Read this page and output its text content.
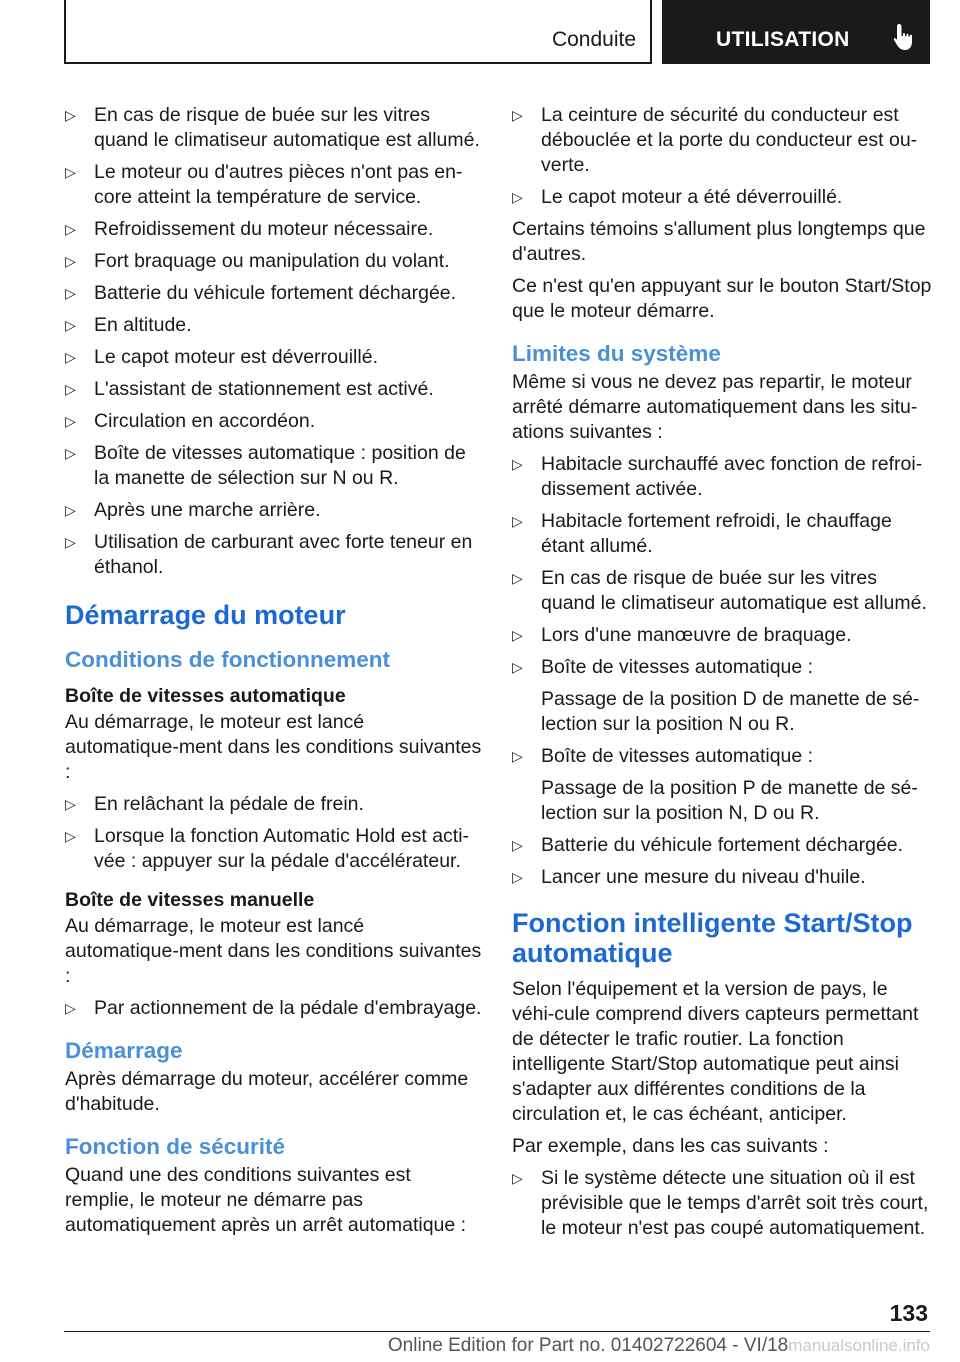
Conduite	UTILISATION
▷ En cas de risque de buée sur les vitres quand le climatiseur automatique est allumé.
▷ Le moteur ou d'autres pièces n'ont pas en-core atteint la température de service.
▷ Refroidissement du moteur nécessaire.
▷ Fort braquage ou manipulation du volant.
▷ Batterie du véhicule fortement déchargée.
▷ En altitude.
▷ Le capot moteur est déverrouillé.
▷ L'assistant de stationnement est activé.
▷ Circulation en accordéon.
▷ Boîte de vitesses automatique : position de la manette de sélection sur N ou R.
▷ Après une marche arrière.
▷ Utilisation de carburant avec forte teneur en éthanol.
Démarrage du moteur
Conditions de fonctionnement
Boîte de vitesses automatique
Au démarrage, le moteur est lancé automatique-ment dans les conditions suivantes :
▷ En relâchant la pédale de frein.
▷ Lorsque la fonction Automatic Hold est acti-vée : appuyer sur la pédale d'accélérateur.
Boîte de vitesses manuelle
Au démarrage, le moteur est lancé automatique-ment dans les conditions suivantes :
▷ Par actionnement de la pédale d'embrayage.
Démarrage
Après démarrage du moteur, accélérer comme d'habitude.
Fonction de sécurité
Quand une des conditions suivantes est remplie, le moteur ne démarre pas automatiquement après un arrêt automatique :
▷ La ceinture de sécurité du conducteur est débouclée et la porte du conducteur est ou-verte.
▷ Le capot moteur a été déverrouillé.
Certains témoins s'allument plus longtemps que d'autres.
Ce n'est qu'en appuyant sur le bouton Start/Stop que le moteur démarre.
Limites du système
Même si vous ne devez pas repartir, le moteur arrêté démarre automatiquement dans les situ-ations suivantes :
▷ Habitacle surchauffé avec fonction de refroi-dissement activée.
▷ Habitacle fortement refroidi, le chauffage étant allumé.
▷ En cas de risque de buée sur les vitres quand le climatiseur automatique est allumé.
▷ Lors d'une manœuvre de braquage.
▷ Boîte de vitesses automatique :
Passage de la position D de manette de sé-lection sur la position N ou R.
▷ Boîte de vitesses automatique :
Passage de la position P de manette de sé-lection sur la position N, D ou R.
▷ Batterie du véhicule fortement déchargée.
▷ Lancer une mesure du niveau d'huile.
Fonction intelligente Start/Stop automatique
Selon l'équipement et la version de pays, le véhi-cule comprend divers capteurs permettant de détecter le trafic routier. La fonction intelligente Start/Stop automatique peut ainsi s'adapter aux différentes conditions de la circulation et, le cas échéant, anticiper.
Par exemple, dans les cas suivants :
▷ Si le système détecte une situation où il est prévisible que le temps d'arrêt soit très court, le moteur n'est pas coupé automatiquement.
133
Online Edition for Part no. 01402722604 - VI/18manualsonline.info
